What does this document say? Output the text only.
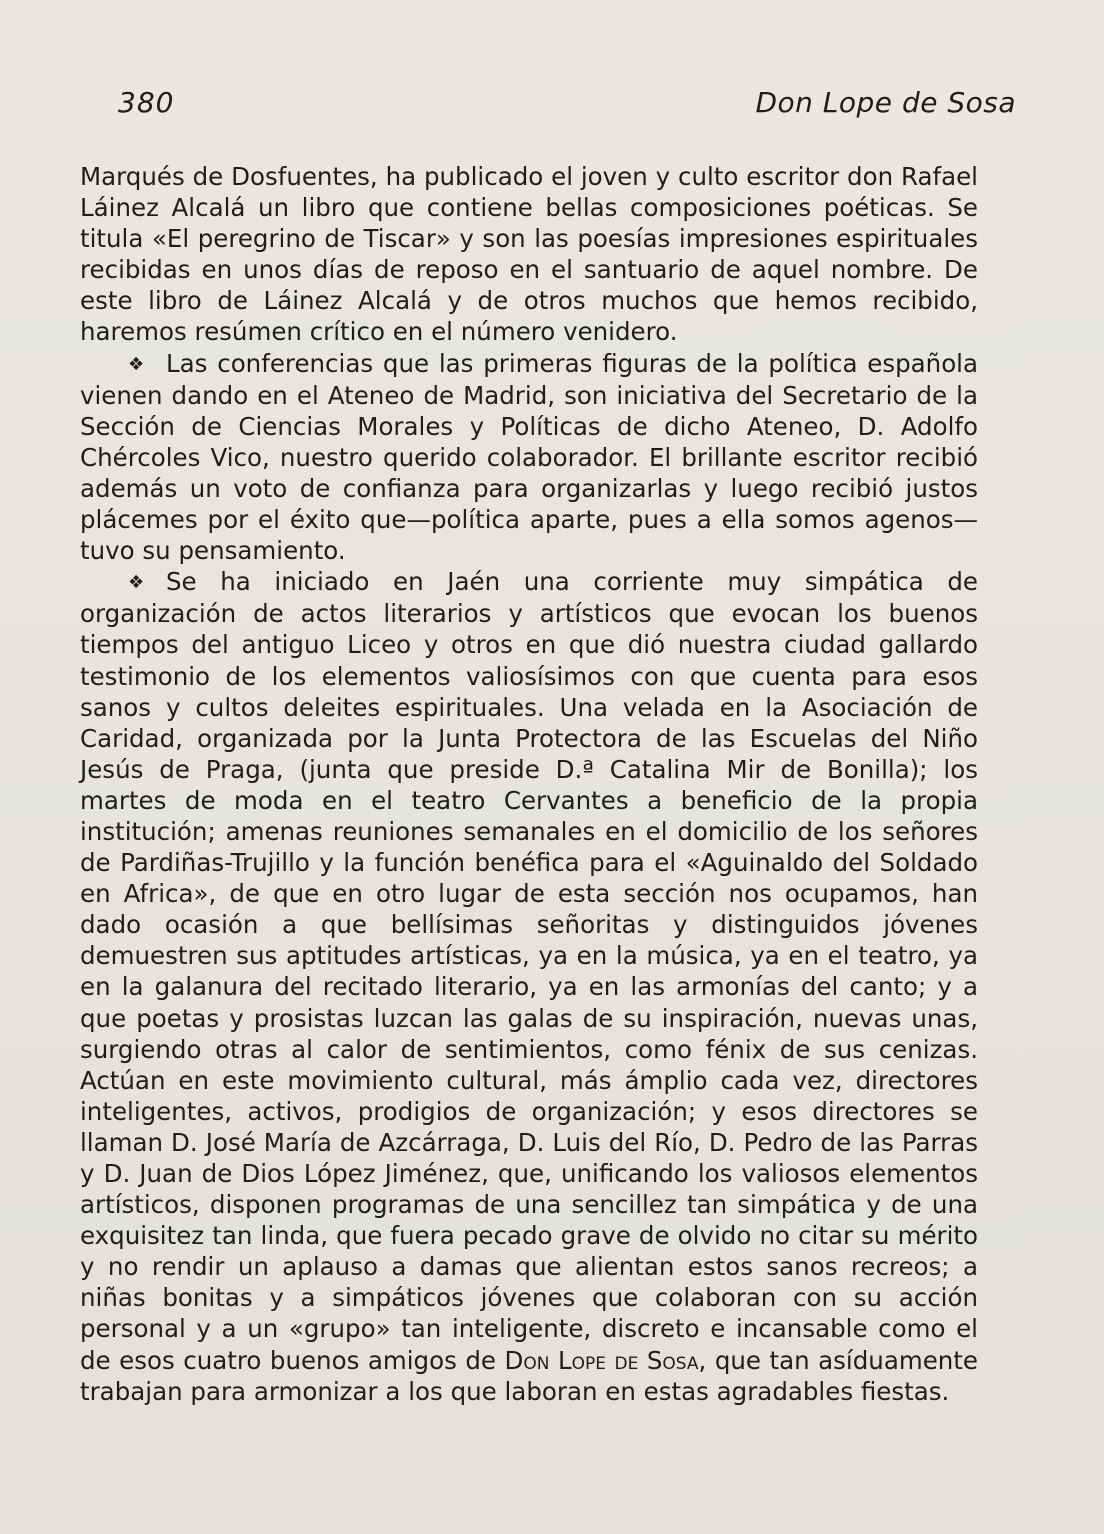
380	Don Lope de Sosa

Marqués de Dosfuentes, ha publicado el joven y culto escritor don Rafael Láinez Alcalá un libro que contiene bellas composiciones poéticas. Se titula «El peregrino de Tiscar» y son las poesías impresiones espirituales recibidas en unos días de reposo en el santuario de aquel nombre. De este libro de Láinez Alcalá y de otros muchos que hemos recibido, haremos resúmen crítico en el número venidero.

❖ Las conferencias que las primeras figuras de la política española vienen dando en el Ateneo de Madrid, son iniciativa del Secretario de la Sección de Ciencias Morales y Políticas de dicho Ateneo, D. Adolfo Chércoles Vico, nuestro querido colaborador. El brillante escritor recibió además un voto de confianza para organizarlas y luego recibió justos plácemes por el éxito que—política aparte, pues a ella somos agenos—tuvo su pensamiento.

❖ Se ha iniciado en Jaén una corriente muy simpática de organización de actos literarios y artísticos que evocan los buenos tiempos del antiguo Liceo y otros en que dió nuestra ciudad gallardo testimonio de los elementos valiosísimos con que cuenta para esos sanos y cultos deleites espirituales. Una velada en la Asociación de Caridad, organizada por la Junta Protectora de las Escuelas del Niño Jesús de Praga, (junta que preside D.ª Catalina Mir de Bonilla); los martes de moda en el teatro Cervantes a beneficio de la propia institución; amenas reuniones semanales en el domicilio de los señores de Pardiñas-Trujillo y la función benéfica para el «Aguinaldo del Soldado en Africa», de que en otro lugar de esta sección nos ocupamos, han dado ocasión a que bellísimas señoritas y distinguidos jóvenes demuestren sus aptitudes artísticas, ya en la música, ya en el teatro, ya en la galanura del recitado literario, ya en las armonías del canto; y a que poetas y prosistas luzcan las galas de su inspiración, nuevas unas, surgiendo otras al calor de sentimientos, como fénix de sus cenizas. Actúan en este movimiento cultural, más ámplio cada vez, directores inteligentes, activos, prodigios de organización; y esos directores se llaman D. José María de Azcárraga, D. Luis del Río, D. Pedro de las Parras y D. Juan de Dios López Jiménez, que, unificando los valiosos elementos artísticos, disponen programas de una sencillez tan simpática y de una exquisitez tan linda, que fuera pecado grave de olvido no citar su mérito y no rendir un aplauso a damas que alientan estos sanos recreos; a niñas bonitas y a simpáticos jóvenes que colaboran con su acción personal y a un «grupo» tan inteligente, discreto e incansable como el de esos cuatro buenos amigos de Don Lope de Sosa, que tan asíduamente trabajan para armonizar a los que laboran en estas agradables fiestas.
